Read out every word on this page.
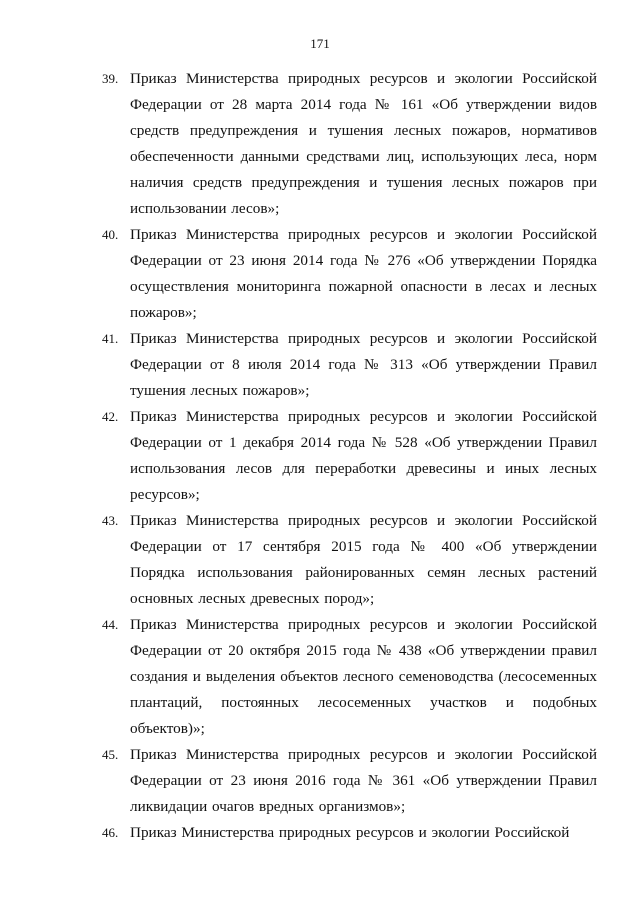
171
39. Приказ Министерства природных ресурсов и экологии Российской Федерации от 28 марта 2014 года № 161 «Об утверждении видов средств предупреждения и тушения лесных пожаров, нормативов обеспеченности данными средствами лиц, использующих леса, норм наличия средств предупреждения и тушения лесных пожаров при использовании лесов»;
40. Приказ Министерства природных ресурсов и экологии Российской Федерации от 23 июня 2014 года № 276 «Об утверждении Порядка осуществления мониторинга пожарной опасности в лесах и лесных пожаров»;
41. Приказ Министерства природных ресурсов и экологии Российской Федерации от 8 июля 2014 года № 313 «Об утверждении Правил тушения лесных пожаров»;
42. Приказ Министерства природных ресурсов и экологии Российской Федерации от 1 декабря 2014 года № 528 «Об утверждении Правил использования лесов для переработки древесины и иных лесных ресурсов»;
43. Приказ Министерства природных ресурсов и экологии Российской Федерации от 17 сентября 2015 года № 400 «Об утверждении Порядка использования районированных семян лесных растений основных лесных древесных пород»;
44. Приказ Министерства природных ресурсов и экологии Российской Федерации от 20 октября 2015 года № 438 «Об утверждении правил создания и выделения объектов лесного семеноводства (лесосеменных плантаций, постоянных лесосеменных участков и подобных объектов)»;
45. Приказ Министерства природных ресурсов и экологии Российской Федерации от 23 июня 2016 года № 361 «Об утверждении Правил ликвидации очагов вредных организмов»;
46. Приказ Министерства природных ресурсов и экологии Российской
